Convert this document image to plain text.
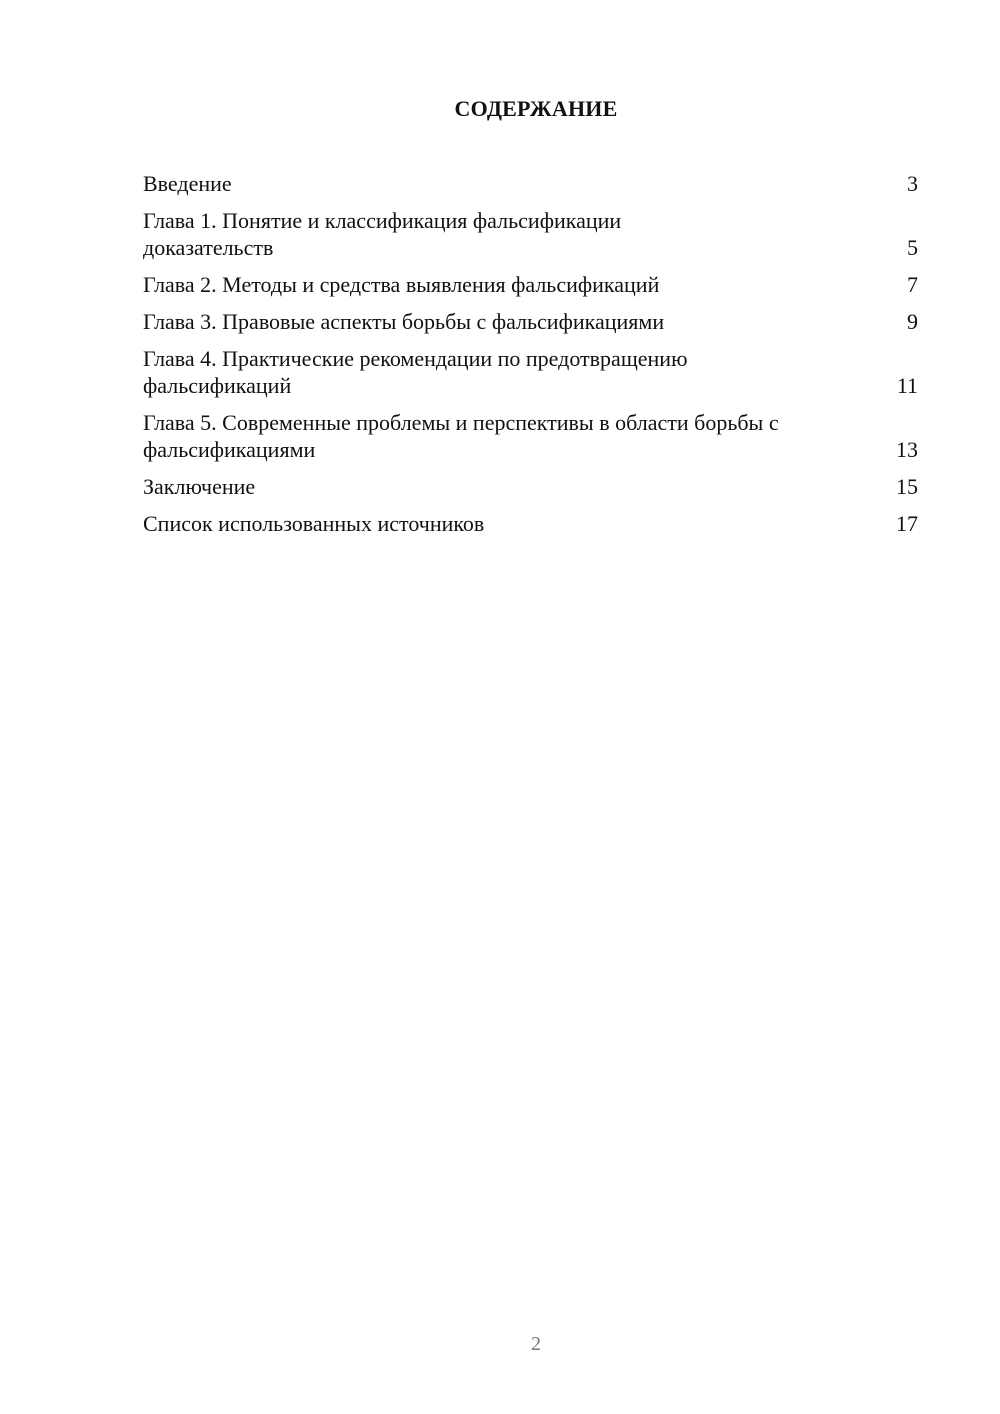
СОДЕРЖАНИЕ
Введение	3
Глава 1. Понятие и классификация фальсификации доказательств	5
Глава 2. Методы и средства выявления фальсификаций	7
Глава 3. Правовые аспекты борьбы с фальсификациями	9
Глава 4. Практические рекомендации по предотвращению фальсификаций	11
Глава 5. Современные проблемы и перспективы в области борьбы с фальсификациями	13
Заключение	15
Список использованных источников	17
2
